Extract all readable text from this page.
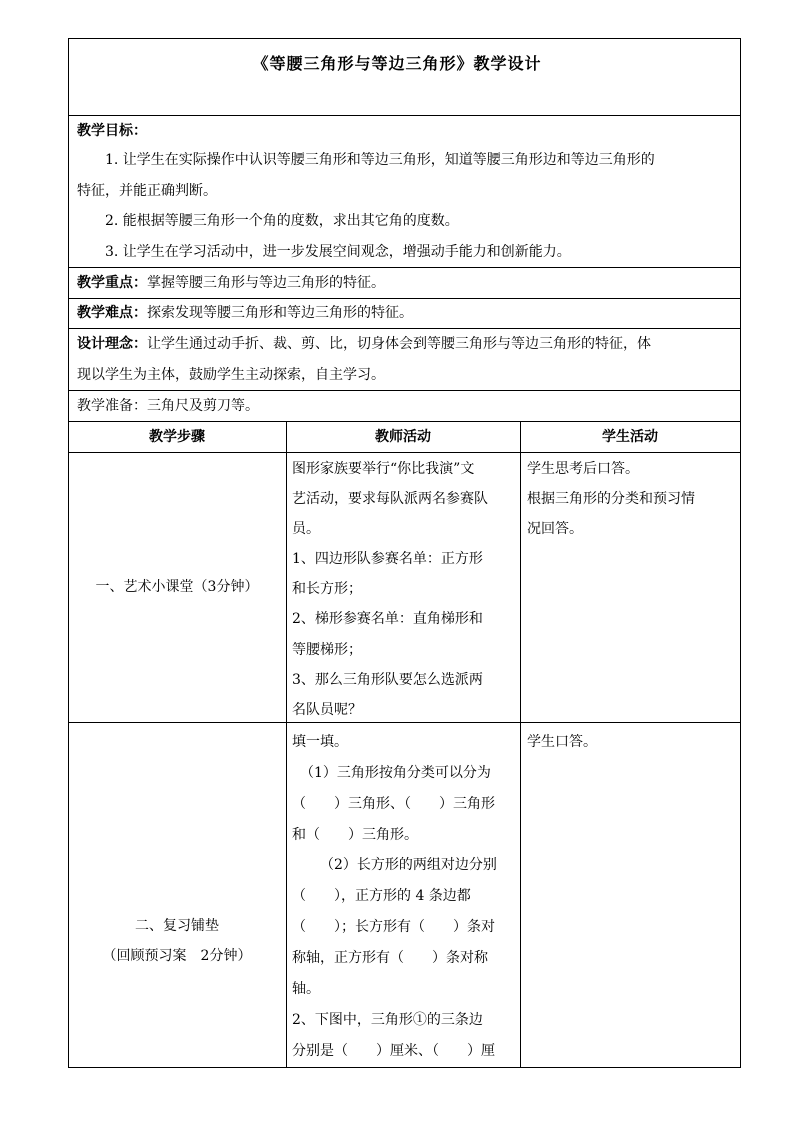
《等腰三角形与等边三角形》教学设计
教学目标：
1. 让学生在实际操作中认识等腰三角形和等边三角形，知道等腰三角形边和等边三角形的
特征，并能正确判断。
2. 能根据等腰三角形一个角的度数，求出其它角的度数。
3. 让学生在学习活动中，进一步发展空间观念，增强动手能力和创新能力。
教学重点：掌握等腰三角形与等边三角形的特征。
教学难点：探索发现等腰三角形和等边三角形的特征。
设计理念：让学生通过动手折、裁、剪、比，切身体会到等腰三角形与等边三角形的特征，体
现以学生为主体，鼓励学生主动探索，自主学习。
教学准备：三角尺及剪刀等。
教学步骤	教师活动	学生活动
一、艺术小课堂（3分钟）
图形家族要举行“你比我演”文
艺活动，要求每队派两名参赛队
员。
1、四边形队参赛名单：正方形
和长方形；
2、梯形参赛名单：直角梯形和
等腰梯形；
3、那么三角形队要怎么选派两
名队员呢？
学生思考后口答。
根据三角形的分类和预习情
况回答。
二、复习铺垫
（回顾预习案　2分钟）
填一填。
（1）三角形按角分类可以分为
（　　）三角形、（　　）三角形
和（　　）三角形。
（2）长方形的两组对边分别
（　　），正方形的 4 条边都
（　　）；长方形有（　　）条对
称轴，正方形有（　　）条对称
轴。
2、下图中，三角形①的三条边
分别是（　　）厘米、（　　）厘
学生口答。
